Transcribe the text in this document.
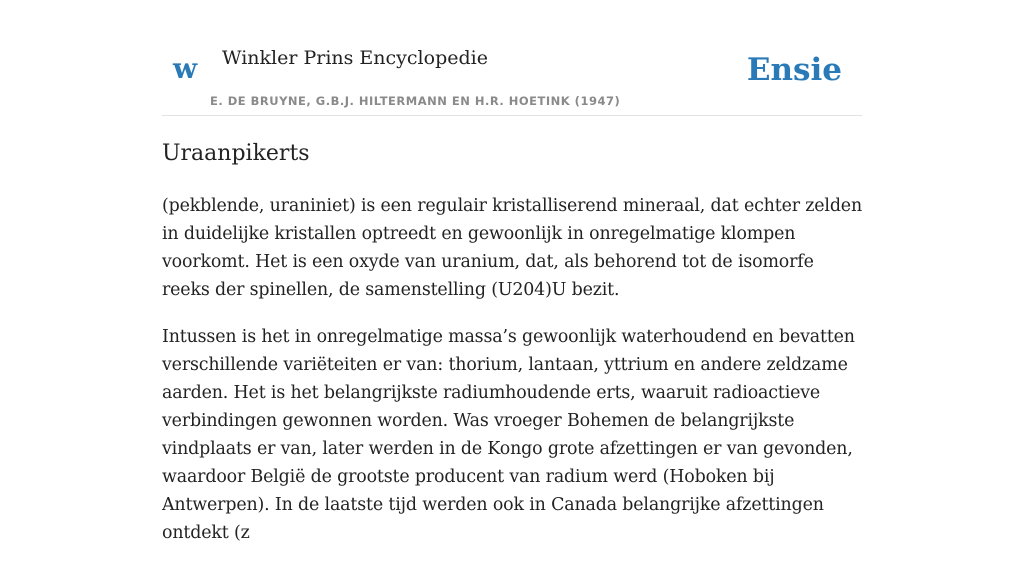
w Winkler Prins Encyclopedie
E. DE BRUYNE, G.B.J. HILTERMANN EN H.R. HOETINK (1947)
Ensie
Uraanpikerts

(pekblende, uraniniet) is een regulair kristalliserend mineraal, dat echter zelden in duidelijke kristallen optreedt en gewoonlijk in onregelmatige klompen voorkomt. Het is een oxyde van uranium, dat, als behorend tot de isomorfe reeks der spinellen, de samenstelling (U204)U bezit.

Intussen is het in onregelmatige massa’s gewoonlijk waterhoudend en bevatten verschillende variëteiten er van: thorium, lantaan, yttrium en andere zeldzame aarden. Het is het belangrijkste radiumhoudende erts, waaruit radioactieve verbindingen gewonnen worden. Was vroeger Bohemen de belangrijkste vindplaats er van, later werden in de Kongo grote afzettingen er van gevonden, waardoor België de grootste producent van radium werd (Hoboken bij Antwerpen). In de laatste tijd werden ook in Canada belangrijke afzettingen ontdekt (z
